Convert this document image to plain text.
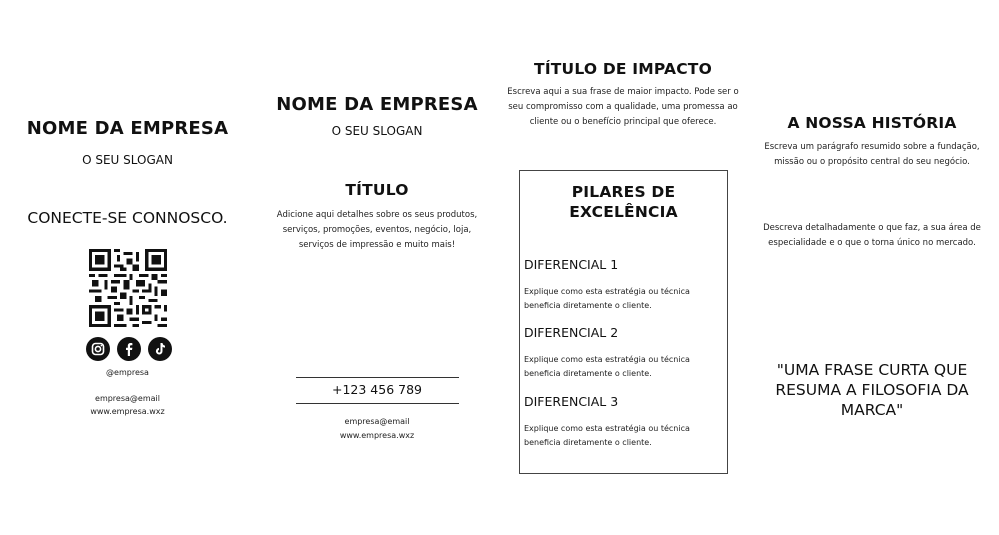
NOME DA EMPRESA
O SEU SLOGAN
CONECTE-SE CONNOSCO.
@empresa
empresa@email
www.empresa.wxz
NOME DA EMPRESA
O SEU SLOGAN
TÍTULO
Adicione aqui detalhes sobre os seus produtos,
serviços, promoções, eventos, negócio, loja,
serviços de impressão e muito mais!
+123 456 789
empresa@email
www.empresa.wxz
TÍTULO DE IMPACTO
Escreva aqui a sua frase de maior impacto. Pode ser o
seu compromisso com a qualidade, uma promessa ao
cliente ou o benefício principal que oferece.
PILARES DE
EXCELÊNCIA
DIFERENCIAL 1
Explique como esta estratégia ou técnica
beneficia diretamente o cliente.
DIFERENCIAL 2
Explique como esta estratégia ou técnica
beneficia diretamente o cliente.
DIFERENCIAL 3
Explique como esta estratégia ou técnica
beneficia diretamente o cliente.
A NOSSA HISTÓRIA
Escreva um parágrafo resumido sobre a fundação,
missão ou o propósito central do seu negócio.
Descreva detalhadamente o que faz, a sua área de
especialidade e o que o torna único no mercado.
"UMA FRASE CURTA QUE
RESUMA A FILOSOFIA DA
MARCA"
